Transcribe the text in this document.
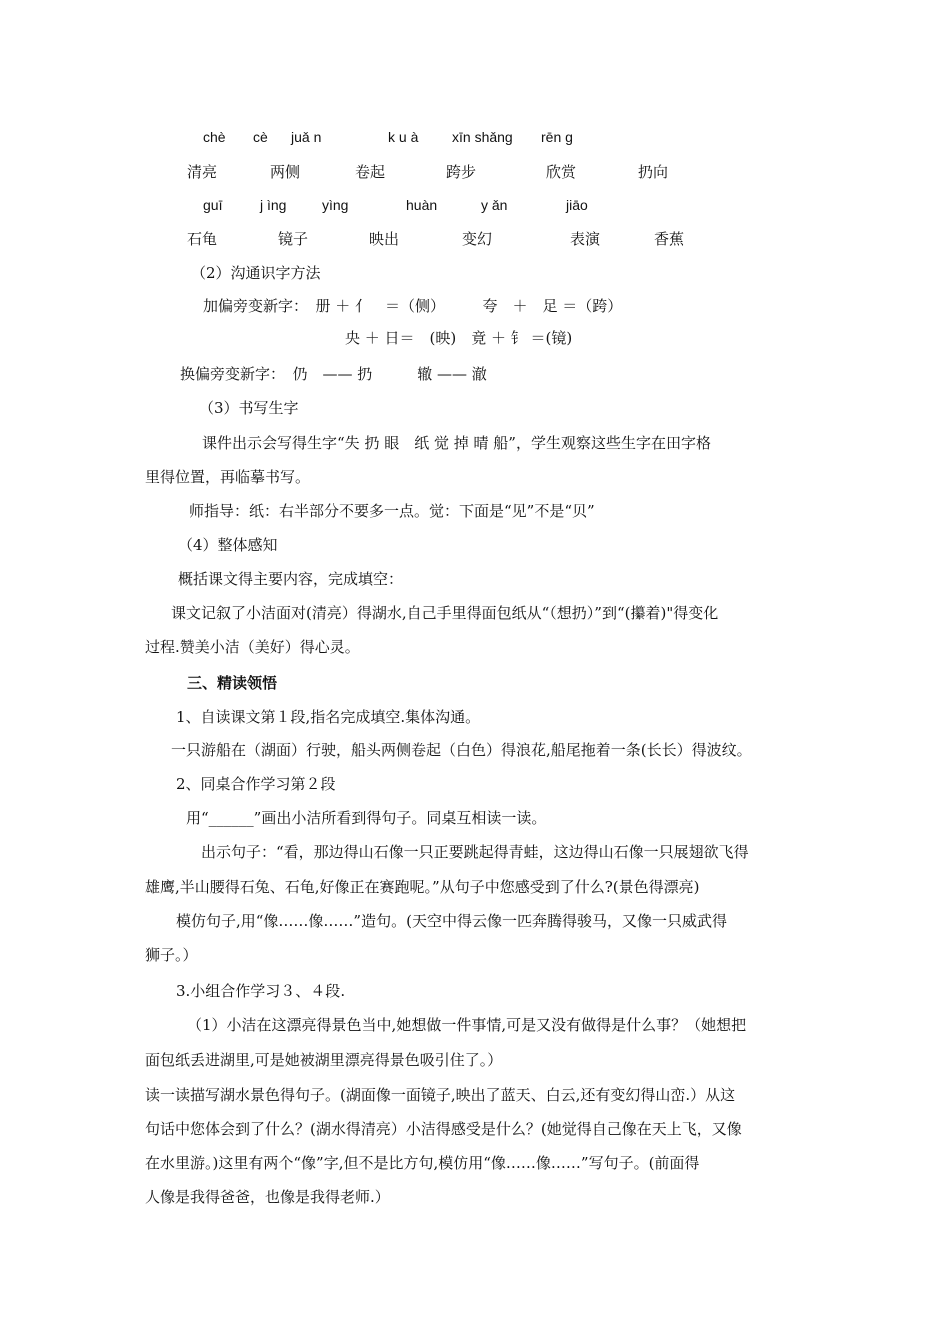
chè cè juǎ n	k u à xīn shǎng rēn g
清亮	两侧	卷起	跨步	欣赏	扔向
guī	j ìng	yìng	huàn	y ǎn	jiāo
石龟	镜子	映出	变幻	表演	香蕉
（2）沟通识字方法
加偏旁变新字：　册 ＋ 亻　＝（侧）　　　夸　＋　足 ＝（跨）
央 ＋ 日＝　(映)　竟 ＋ 钅 ＝(镜)
换偏旁变新字：　仍　—— 扔　　　辙 —— 澈
（3）书写生字
课件出示会写得生字“失 扔 眼　纸 觉 掉 晴 船”，学生观察这些生字在田字格
里得位置，再临摹书写。
师指导：纸：右半部分不要多一点。觉：下面是“见”不是“贝”
（4）整体感知
概括课文得主要内容，完成填空：
课文记叙了小洁面对(清亮）得湖水,自己手里得面包纸从“（想扔）”到“(攥着)"得变化
过程.赞美小洁（美好）得心灵。
三、精读领悟
1、自读课文第１段,指名完成填空.集体沟通。
一只游船在（湖面）行驶，船头两侧卷起（白色）得浪花,船尾拖着一条(长长）得波纹。
2、同桌合作学习第２段
用“______”画出小洁所看到得句子。同桌互相读一读。
出示句子：“看，那边得山石像一只正要跳起得青蛙，这边得山石像一只展翅欲飞得
雄鹰,半山腰得石兔、石龟,好像正在赛跑呢。”从句子中您感受到了什么?(景色得漂亮)
模仿句子,用“像……像……”造句。(天空中得云像一匹奔腾得骏马，又像一只威武得
狮子。）
3.小组合作学习３、４段.
（1）小洁在这漂亮得景色当中,她想做一件事情,可是又没有做得是什么事？（她想把
面包纸丢进湖里,可是她被湖里漂亮得景色吸引住了。）
读一读描写湖水景色得句子。(湖面像一面镜子,映出了蓝天、白云,还有变幻得山峦.）从这
句话中您体会到了什么？(湖水得清亮）小洁得感受是什么？(她觉得自己像在天上飞，又像
在水里游。)这里有两个“像”字,但不是比方句,模仿用“像……像……”写句子。(前面得
人像是我得爸爸，也像是我得老师.）
